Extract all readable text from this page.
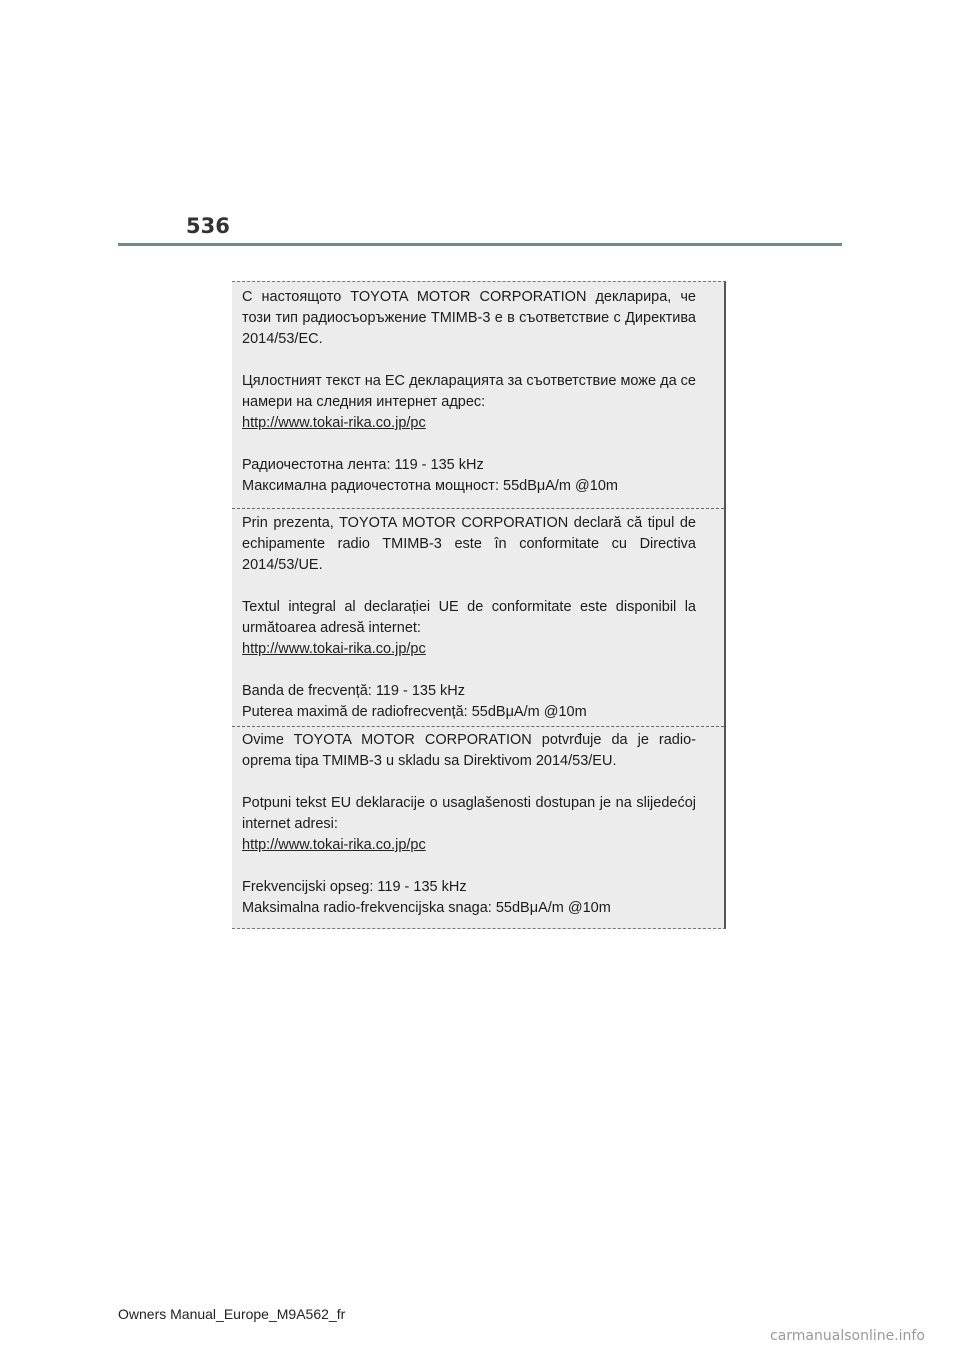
536

С настоящото TOYOTA MOTOR CORPORATION декларира, че този тип радиосъоръжение TMIMB-3 е в съответствие с Директива 2014/53/ЕС.

Цялостният текст на ЕС декларацията за съответствие може да се намери на следния интернет адрес:

http://www.tokai-rika.co.jp/pc

Радиочестотна лента: 119 - 135 kHz

Максимална радиочестотна мощност: 55dBμA/m @10m

Prin prezenta, TOYOTA MOTOR CORPORATION declară că tipul de echipamente radio TMIMB-3 este în conformitate cu Directiva 2014/53/UE.

Textul integral al declarației UE de conformitate este disponibil la următoarea adresă internet:

http://www.tokai-rika.co.jp/pc

Banda de frecvență: 119 - 135 kHz

Puterea maximă de radiofrecvență: 55dBμA/m @10m

Ovime TOYOTA MOTOR CORPORATION potvrđuje da je radio-oprema tipa TMIMB-3 u skladu sa Direktivom 2014/53/EU.

Potpuni tekst EU deklaracije o usaglašenosti dostupan je na slijedećoj internet adresi:

http://www.tokai-rika.co.jp/pc

Frekvencijski opseg: 119 - 135 kHz

Maksimalna radio-frekvencijska snaga: 55dBμA/m @10m

Owners Manual_Europe_M9A562_fr
carmanualsonline.info
